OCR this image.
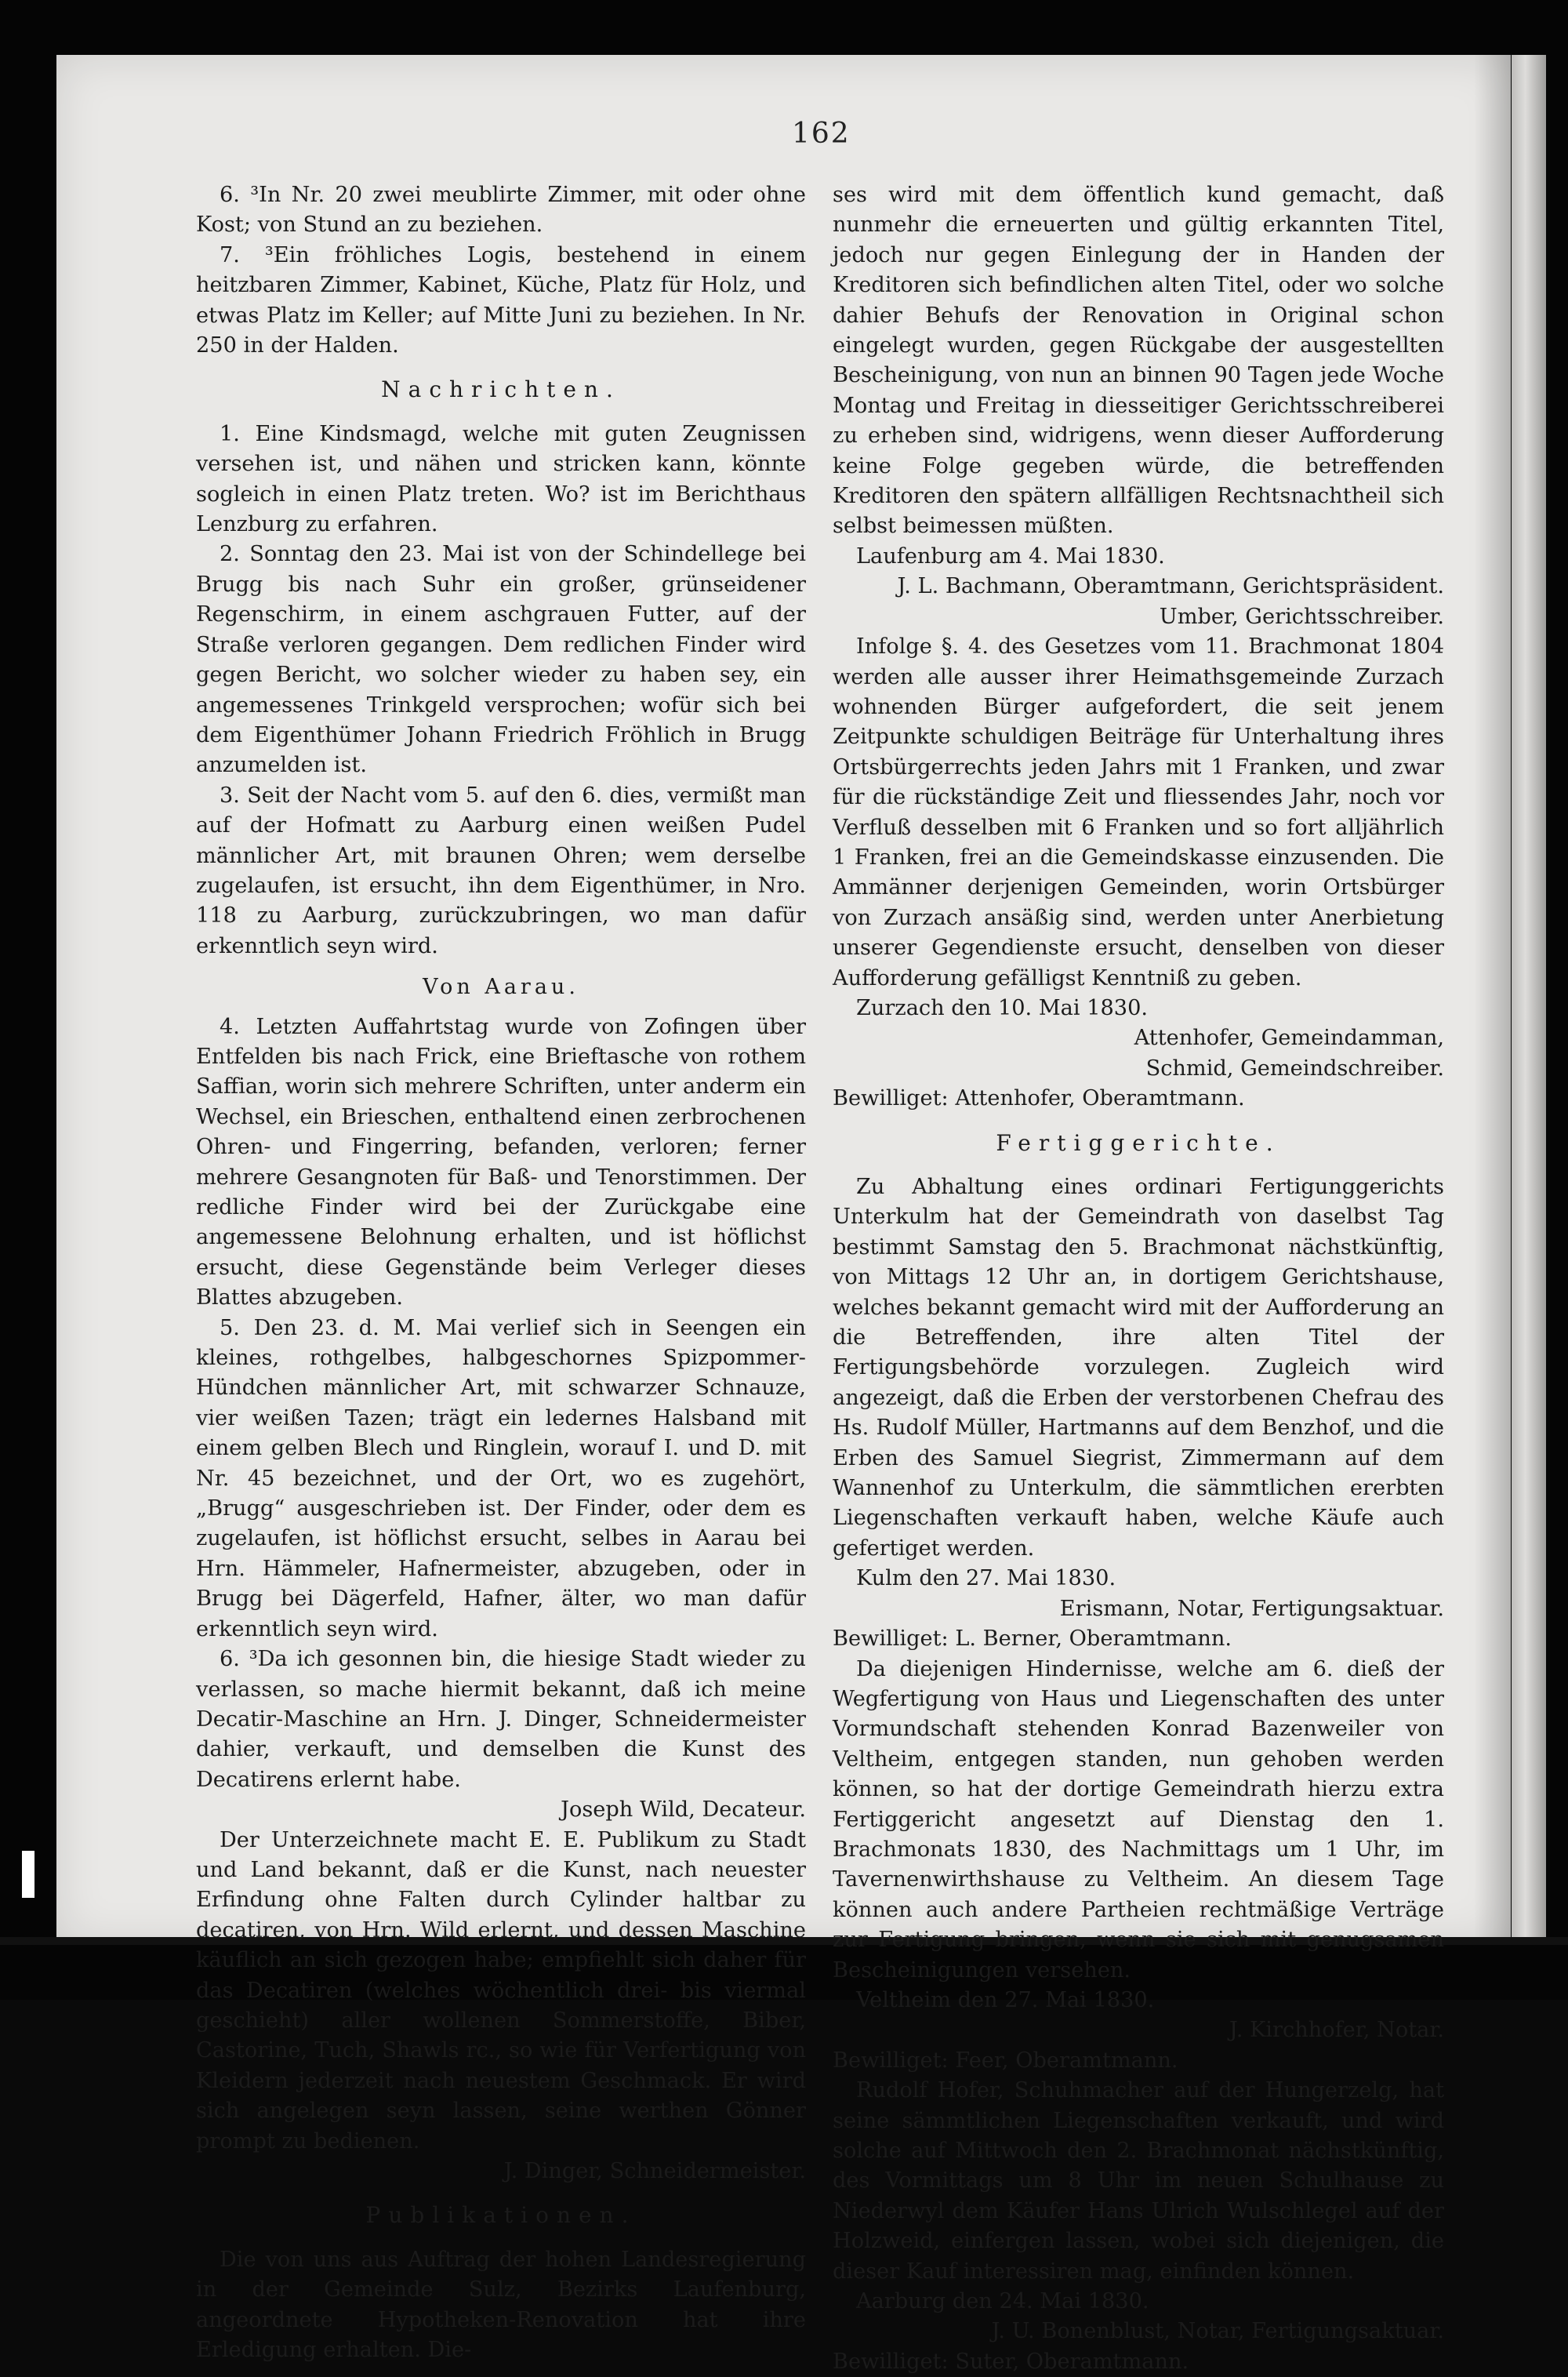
162

6. ³In Nr. 20 zwei meublirte Zimmer, mit oder ohne Kost; von Stund an zu beziehen.

7. ³Ein fröhliches Logis, bestehend in einem heitzbaren Zimmer, Kabinet, Küche, Platz für Holz, und etwas Platz im Keller; auf Mitte Juni zu beziehen. In Nr. 250 in der Halden.

Nachrichten.

1. Eine Kindsmagd, welche mit guten Zeugnissen versehen ist, und nähen und stricken kann, könnte sogleich in einen Platz treten. Wo? ist im Berichthaus Lenzburg zu erfahren.

2. Sonntag den 23. Mai ist von der Schindellege bei Brugg bis nach Suhr ein großer, grünseidener Regenschirm, in einem aschgrauen Futter, auf der Straße verloren gegangen. Dem redlichen Finder wird gegen Bericht, wo solcher wieder zu haben sey, ein angemessenes Trinkgeld versprochen; wofür sich bei dem Eigenthümer Johann Friedrich Fröhlich in Brugg anzumelden ist.

3. Seit der Nacht vom 5. auf den 6. dies, vermißt man auf der Hofmatt zu Aarburg einen weißen Pudel männlicher Art, mit braunen Ohren; wem derselbe zugelaufen, ist ersucht, ihn dem Eigenthümer, in Nro. 118 zu Aarburg, zurückzubringen, wo man dafür erkenntlich seyn wird.

Von Aarau.

4. Letzten Auffahrtstag wurde von Zofingen über Entfelden bis nach Frick, eine Brieftasche von rothem Saffian, worin sich mehrere Schriften, unter anderm ein Wechsel, ein Brieschen, enthaltend einen zerbrochenen Ohren- und Fingerring, befanden, verloren; ferner mehrere Gesangnoten für Baß- und Tenorstimmen. Der redliche Finder wird bei der Zurückgabe eine angemessene Belohnung erhalten, und ist höflichst ersucht, diese Gegenstände beim Verleger dieses Blattes abzugeben.

5. Den 23. d. M. Mai verlief sich in Seengen ein kleines, rothgelbes, halbgeschornes Spizpommer-Hündchen männlicher Art, mit schwarzer Schnauze, vier weißen Tazen; trägt ein ledernes Halsband mit einem gelben Blech und Ringlein, worauf I. und D. mit Nr. 45 bezeichnet, und der Ort, wo es zugehört, „Brugg“ ausgeschrieben ist. Der Finder, oder dem es zugelaufen, ist höflichst ersucht, selbes in Aarau bei Hrn. Hämmeler, Hafnermeister, abzugeben, oder in Brugg bei Dägerfeld, Hafner, älter, wo man dafür erkenntlich seyn wird.

6. ³Da ich gesonnen bin, die hiesige Stadt wieder zu verlassen, so mache hiermit bekannt, daß ich meine Decatir-Maschine an Hrn. J. Dinger, Schneidermeister dahier, verkauft, und demselben die Kunst des Decatirens erlernt habe.

Joseph Wild, Decateur.

Der Unterzeichnete macht E. E. Publikum zu Stadt und Land bekannt, daß er die Kunst, nach neuester Erfindung ohne Falten durch Cylinder haltbar zu decatiren, von Hrn. Wild erlernt, und dessen Maschine käuflich an sich gezogen habe; empfiehlt sich daher für das Decatiren (welches wöchentlich drei- bis viermal geschieht) aller wollenen Sommerstoffe, Biber, Castorine, Tuch, Shawls rc., so wie für Verfertigung von Kleidern jederzeit nach neuestem Geschmack. Er wird sich angelegen seyn lassen, seine werthen Gönner prompt zu bedienen.

J. Dinger, Schneidermeister.

Publikationen.

Die von uns aus Auftrag der hohen Landesregierung in der Gemeinde Sulz, Bezirks Laufenburg, angeordnete Hypotheken-Renovation hat ihre Erledigung erhalten. Die-

ses wird mit dem öffentlich kund gemacht, daß nunmehr die erneuerten und gültig erkannten Titel, jedoch nur gegen Einlegung der in Handen der Kreditoren sich befindlichen alten Titel, oder wo solche dahier Behufs der Renovation in Original schon eingelegt wurden, gegen Rückgabe der ausgestellten Bescheinigung, von nun an binnen 90 Tagen jede Woche Montag und Freitag in diesseitiger Gerichtsschreiberei zu erheben sind, widrigens, wenn dieser Aufforderung keine Folge gegeben würde, die betreffenden Kreditoren den spätern allfälligen Rechtsnachtheil sich selbst beimessen müßten.

Laufenburg am 4. Mai 1830.

J. L. Bachmann, Oberamtmann, Gerichtspräsident.

Umber, Gerichtsschreiber.

Infolge §. 4. des Gesetzes vom 11. Brachmonat 1804 werden alle ausser ihrer Heimathsgemeinde Zurzach wohnenden Bürger aufgefordert, die seit jenem Zeitpunkte schuldigen Beiträge für Unterhaltung ihres Ortsbürgerrechts jeden Jahrs mit 1 Franken, und zwar für die rückständige Zeit und fliessendes Jahr, noch vor Verfluß desselben mit 6 Franken und so fort alljährlich 1 Franken, frei an die Gemeindskasse einzusenden. Die Ammänner derjenigen Gemeinden, worin Ortsbürger von Zurzach ansäßig sind, werden unter Anerbietung unserer Gegendienste ersucht, denselben von dieser Aufforderung gefälligst Kenntniß zu geben.

Zurzach den 10. Mai 1830.

Attenhofer, Gemeindamman,

Schmid, Gemeindschreiber.

Bewilliget: Attenhofer, Oberamtmann.

Fertiggerichte.

Zu Abhaltung eines ordinari Fertigunggerichts Unterkulm hat der Gemeindrath von daselbst Tag bestimmt Samstag den 5. Brachmonat nächstkünftig, von Mittags 12 Uhr an, in dortigem Gerichtshause, welches bekannt gemacht wird mit der Aufforderung an die Betreffenden, ihre alten Titel der Fertigungsbehörde vorzulegen. Zugleich wird angezeigt, daß die Erben der verstorbenen Chefrau des Hs. Rudolf Müller, Hartmanns auf dem Benzhof, und die Erben des Samuel Siegrist, Zimmermann auf dem Wannenhof zu Unterkulm, die sämmtlichen ererbten Liegenschaften verkauft haben, welche Käufe auch gefertiget werden.

Kulm den 27. Mai 1830.

Erismann, Notar, Fertigungsaktuar.

Bewilliget: L. Berner, Oberamtmann.

Da diejenigen Hindernisse, welche am 6. dieß der Wegfertigung von Haus und Liegenschaften des unter Vormundschaft stehenden Konrad Bazenweiler von Veltheim, entgegen standen, nun gehoben werden können, so hat der dortige Gemeindrath hierzu extra Fertiggericht angesetzt auf Dienstag den 1. Brachmonats 1830, des Nachmittags um 1 Uhr, im Tavernenwirthshause zu Veltheim. An diesem Tage können auch andere Partheien rechtmäßige Verträge zur Fertigung bringen, wenn sie sich mit genugsamen Bescheinigungen versehen.

Veltheim den 27. Mai 1830.

J. Kirchhofer, Notar.

Bewilliget: Feer, Oberamtmann.

Rudolf Hofer, Schuhmacher auf der Hungerzelg, hat seine sämmtlichen Liegenschaften verkauft, und wird solche auf Mittwoch den 2. Brachmonat nächstkünftig, des Vormittags um 8 Uhr im neuen Schulhause zu Niederwyl dem Käufer Hans Ulrich Wulschlegel auf der Holzweid, einfergen lassen, wobei sich diejenigen, die dieser Kauf interessiren mag, einfinden können.

Aarburg den 24. Mai 1830.

J. U. Bonenblust, Notar, Fertigungsaktuar.

Bewilliget: Suter, Oberamtmann.
